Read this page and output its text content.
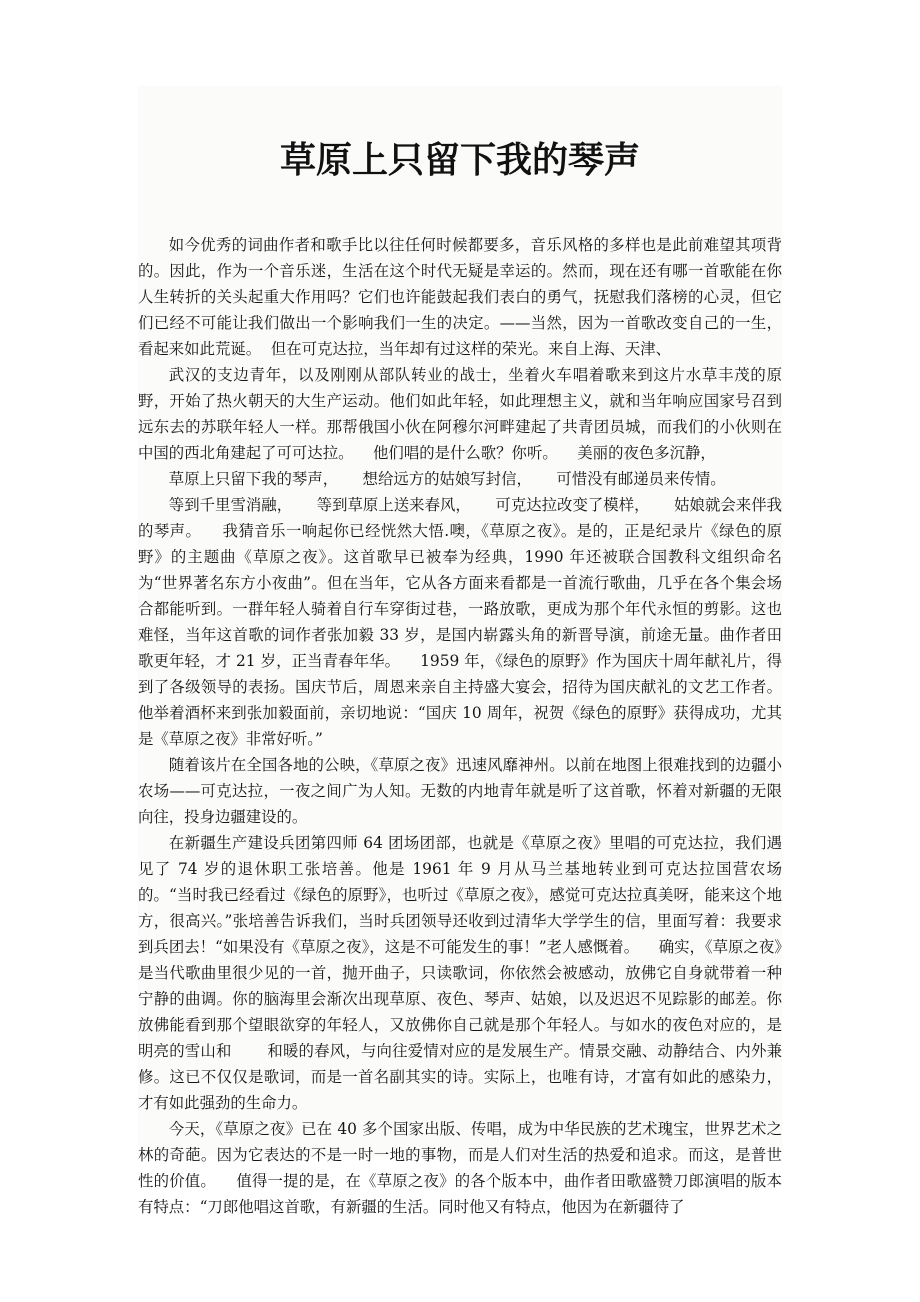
草原上只留下我的琴声

如今优秀的词曲作者和歌手比以往任何时候都要多，音乐风格的多样也是此前难望其项背的。因此，作为一个音乐迷，生活在这个时代无疑是幸运的。然而，现在还有哪一首歌能在你人生转折的关头起重大作用吗？它们也许能鼓起我们表白的勇气，抚慰我们落榜的心灵，但它们已经不可能让我们做出一个影响我们一生的决定。——当然，因为一首歌改变自己的一生，看起来如此荒诞。  但在可克达拉，当年却有过这样的荣光。来自上海、天津、

武汉的支边青年，以及刚刚从部队转业的战士，坐着火车唱着歌来到这片水草丰茂的原野，开始了热火朝天的大生产运动。他们如此年轻，如此理想主义，就和当年响应国家号召到远东去的苏联年轻人一样。那帮俄国小伙在阿穆尔河畔建起了共青团员城，而我们的小伙则在中国的西北角建起了可可达拉。    他们唱的是什么歌？你听。    美丽的夜色多沉静，

草原上只留下我的琴声，     想给远方的姑娘写封信，     可惜没有邮递员来传情。

等到千里雪消融，     等到草原上送来春风，     可克达拉改变了模样，     姑娘就会来伴我的琴声。    我猜音乐一响起你已经恍然大悟.噢，《草原之夜》。是的，正是纪录片《绿色的原野》的主题曲《草原之夜》。这首歌早已被奉为经典，1990 年还被联合国教科文组织命名为“世界著名东方小夜曲”。但在当年，它从各方面来看都是一首流行歌曲，几乎在各个集会场合都能听到。一群年轻人骑着自行车穿街过巷，一路放歌，更成为那个年代永恒的剪影。这也难怪，当年这首歌的词作者张加毅 33 岁，是国内崭露头角的新晋导演，前途无量。曲作者田歌更年轻，才 21 岁，正当青春年华。    1959 年，《绿色的原野》作为国庆十周年献礼片，得到了各级领导的表扬。国庆节后，周恩来亲自主持盛大宴会，招待为国庆献礼的文艺工作者。他举着酒杯来到张加毅面前，亲切地说：“国庆 10 周年，祝贺《绿色的原野》获得成功，尤其是《草原之夜》非常好听。”

随着该片在全国各地的公映，《草原之夜》迅速风靡神州。以前在地图上很难找到的边疆小农场——可克达拉，一夜之间广为人知。无数的内地青年就是听了这首歌，怀着对新疆的无限向往，投身边疆建设的。

在新疆生产建设兵团第四师 64 团场团部，也就是《草原之夜》里唱的可克达拉，我们遇见了 74 岁的退休职工张培善。他是 1961 年 9 月从马兰基地转业到可克达拉国营农场的。“当时我已经看过《绿色的原野》，也听过《草原之夜》，感觉可克达拉真美呀，能来这个地方，很高兴。”张培善告诉我们，当时兵团领导还收到过清华大学学生的信，里面写着：我要求到兵团去！“如果没有《草原之夜》，这是不可能发生的事！”老人感慨着。    确实，《草原之夜》是当代歌曲里很少见的一首，抛开曲子，只读歌词，你依然会被感动，放佛它自身就带着一种宁静的曲调。你的脑海里会渐次出现草原、夜色、琴声、姑娘，以及迟迟不见踪影的邮差。你放佛能看到那个望眼欲穿的年轻人，又放佛你自己就是那个年轻人。与如水的夜色对应的，是明亮的雪山和       和暖的春风，与向往爱情对应的是发展生产。情景交融、动静结合、内外兼修。这已不仅仅是歌词，而是一首名副其实的诗。实际上，也唯有诗，才富有如此的感染力，才有如此强劲的生命力。

今天，《草原之夜》已在 40 多个国家出版、传唱，成为中华民族的艺术瑰宝，世界艺术之林的奇葩。因为它表达的不是一时一地的事物，而是人们对生活的热爱和追求。而这，是普世性的价值。    值得一提的是，在《草原之夜》的各个版本中，曲作者田歌盛赞刀郎演唱的版本有特点：“刀郎他唱这首歌，有新疆的生活。同时他又有特点，他因为在新疆待了
